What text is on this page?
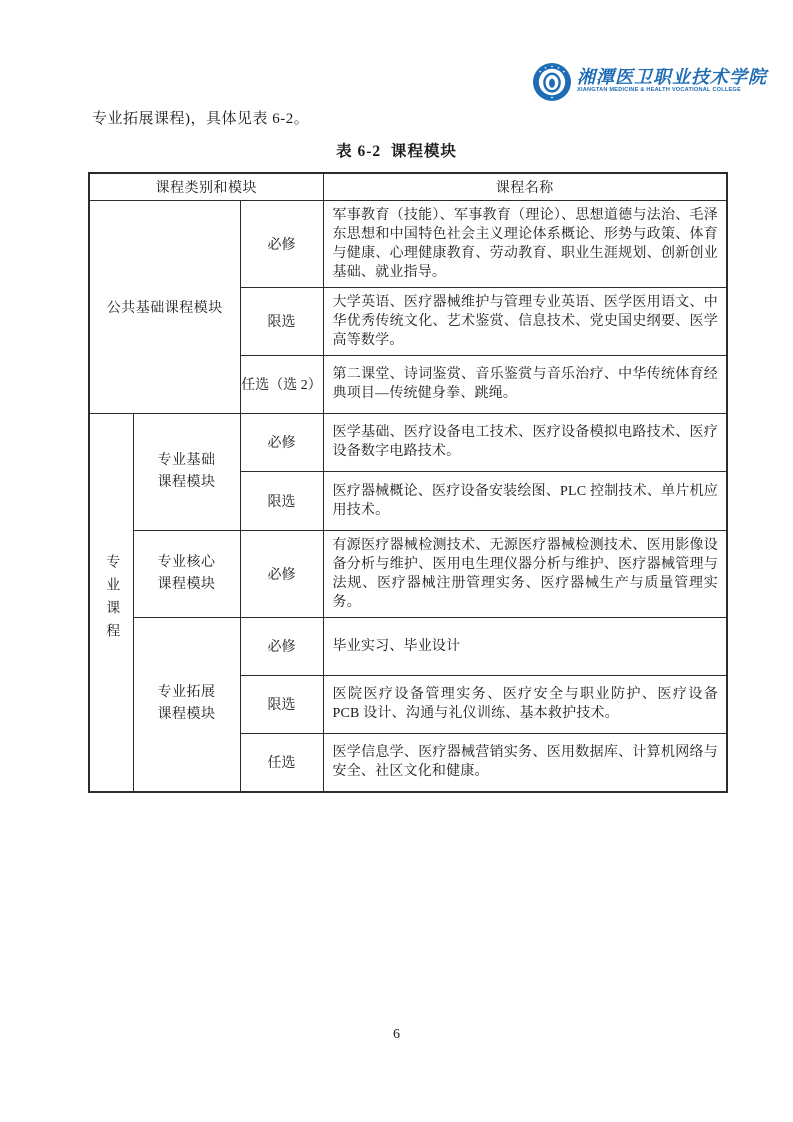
湘潭医卫职业技术学院
XIANGTAN MEDICINE & HEALTH VOCATIONAL COLLEGE

专业拓展课程)，具体见表 6-2。

表 6-2  课程模块
课程类别和模块			课程名称
公共基础课程模块		必修	军事教育（技能）、军事教育（理论）、思想道德与法治、毛泽东思想和中国特色社会主义理论体系概论、形势与政策、体育与健康、心理健康教育、劳动教育、职业生涯规划、创新创业基础、就业指导。
		限选	大学英语、医疗器械维护与管理专业英语、医学医用语文、中华优秀传统文化、艺术鉴赏、信息技术、党史国史纲要、医学高等数学。
		任选（选 2）	第二课堂、诗词鉴赏、音乐鉴赏与音乐治疗、中华传统体育经典项目—传统健身拳、跳绳。
专业课程	专业基础课程模块	必修	医学基础、医疗设备电工技术、医疗设备模拟电路技术、医疗设备数字电路技术。
		限选	医疗器械概论、医疗设备安装绘图、PLC 控制技术、单片机应用技术。
	专业核心课程模块	必修	有源医疗器械检测技术、无源医疗器械检测技术、医用影像设备分析与维护、医用电生理仪器分析与维护、医疗器械管理与法规、医疗器械注册管理实务、医疗器械生产与质量管理实务。
	专业拓展课程模块	必修	毕业实习、毕业设计
		限选	医院医疗设备管理实务、医疗安全与职业防护、医疗设备 PCB 设计、沟通与礼仪训练、基本救护技术。
		任选	医学信息学、医疗器械营销实务、医用数据库、计算机网络与安全、社区文化和健康。
6
